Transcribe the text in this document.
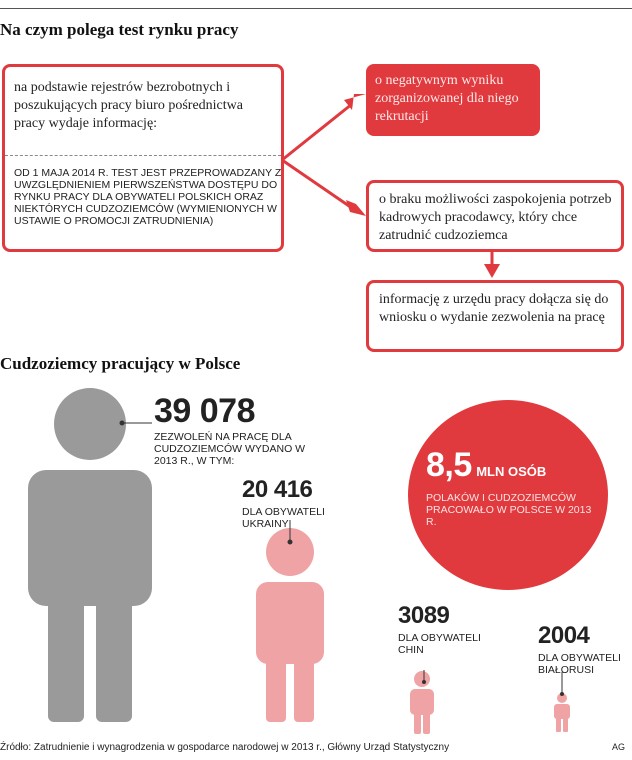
Na czym polega test rynku pracy
na podstawie rejestrów bezrobotnych i poszukujących pracy biuro pośrednictwa pracy wydaje informację:
OD 1 MAJA 2014 R. TEST JEST PRZEPROWADZANY Z UWZGLĘDNIENIEM PIERWSZEŃSTWA DOSTĘPU DO RYNKU PRACY DLA OBYWATELI POLSKICH ORAZ NIEKTÓRYCH CUDZOZIEMCÓW (WYMIENIONYCH W USTAWIE O PROMOCJI ZATRUDNIENIA)
o negatywnym wyniku zorganizowanej dla niego rekrutacji
o braku możliwości zaspokojenia potrzeb kadrowych pracodawcy, który chce zatrudnić cudzoziemca
informację z urzędu pracy dołącza się do wniosku o wydanie zezwolenia na pracę
Cudzoziemcy pracujący w Polsce
39 078
ZEZWOLEŃ NA PRACĘ DLA CUDZOZIEMCÓW WYDANO W 2013 R., W TYM:
20 416
DLA OBYWATELI UKRAINY
3089
DLA OBYWATELI CHIN
2004
DLA OBYWATELI BIAŁORUSI
8,5 MLN OSÓB
POLAKÓW I CUDZOZIEMCÓW PRACOWAŁO W POLSCE W 2013 R.
Źródło: Zatrudnienie i wynagrodzenia w gospodarce narodowej w 2013 r., Główny Urząd Statystyczny	AG
